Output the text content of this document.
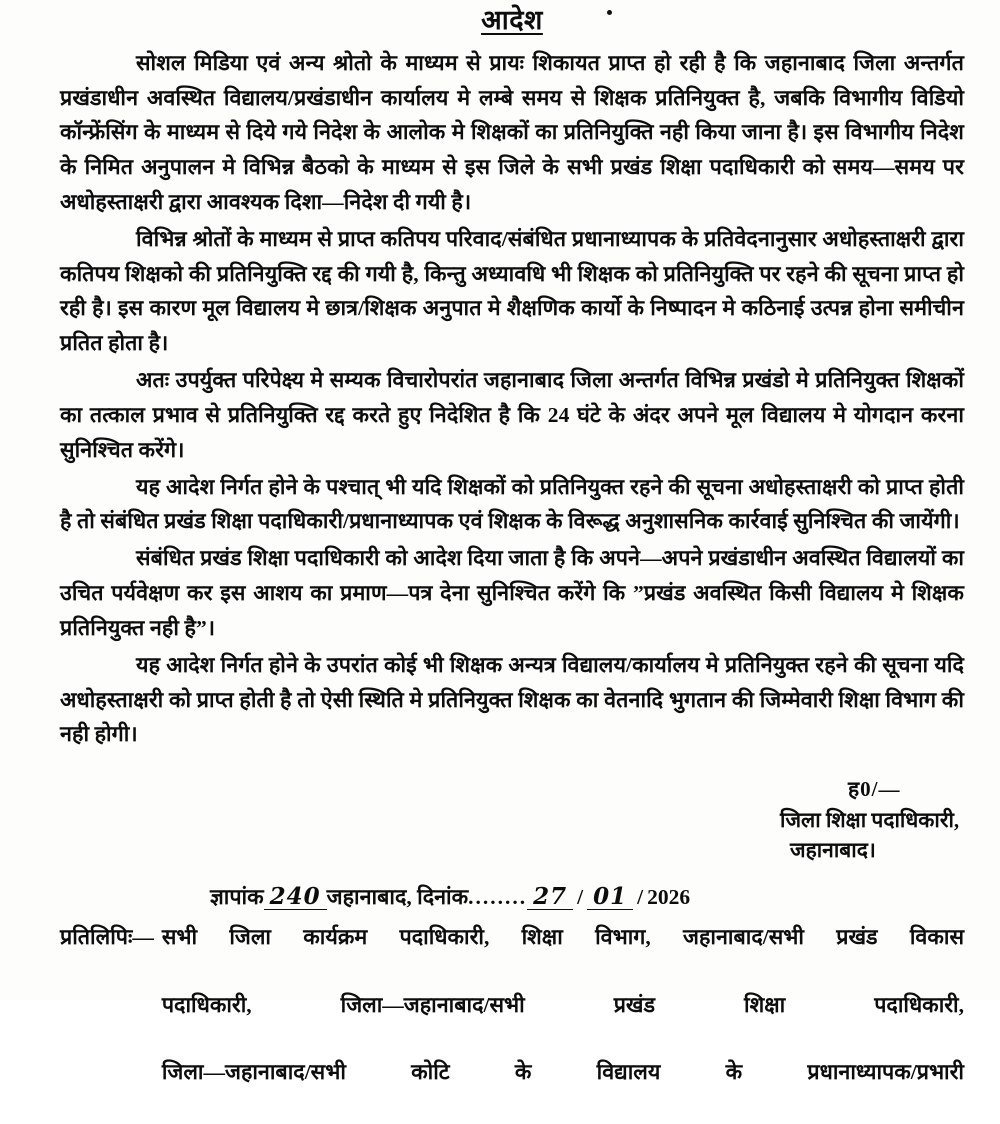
आदेश

सोशल मिडिया एवं अन्य श्रोतो के माध्यम से प्रायः शिकायत प्राप्त हो रही है कि जहानाबाद जिला अन्तर्गत प्रखंडाधीन अवस्थित विद्यालय/प्रखंडाधीन कार्यालय मे लम्बे समय से शिक्षक प्रतिनियुक्त है, जबकि विभागीय विडियो कॉन्फ्रेंसिंग के माध्यम से दिये गये निदेश के आलोक मे शिक्षकों का प्रतिनियुक्ति नही किया जाना है। इस विभागीय निदेश के निमित अनुपालन मे विभिन्न बैठको के माध्यम से इस जिले के सभी प्रखंड शिक्षा पदाधिकारी को समय—समय पर अधोहस्ताक्षरी द्वारा आवश्यक दिशा—निदेश दी गयी है।

विभिन्न श्रोतों के माध्यम से प्राप्त कतिपय परिवाद/संबंधित प्रधानाध्यापक के प्रतिवेदनानुसार अधोहस्ताक्षरी द्वारा कतिपय शिक्षको की प्रतिनियुक्ति रद्द की गयी है, किन्तु अध्यावधि भी शिक्षक को प्रतिनियुक्ति पर रहने की सूचना प्राप्त हो रही है। इस कारण मूल विद्यालय मे छात्र/शिक्षक अनुपात मे शैक्षणिक कार्यो के निष्पादन मे कठिनाई उत्पन्न होना समीचीन प्रतित होता है।

अतः उपर्युक्त परिपेक्ष्य मे सम्यक विचारोपरांत जहानाबाद जिला अन्तर्गत विभिन्न प्रखंडो मे प्रतिनियुक्त शिक्षकों का तत्काल प्रभाव से प्रतिनियुक्ति रद्द करते हुए निदेशित है कि 24 घंटे के अंदर अपने मूल विद्यालय मे योगदान करना सुनिश्चित करेंगे।

यह आदेश निर्गत होने के पश्चात् भी यदि शिक्षकों को प्रतिनियुक्त रहने की सूचना अधोहस्ताक्षरी को प्राप्त होती है तो संबंधित प्रखंड शिक्षा पदाधिकारी/प्रधानाध्यापक एवं शिक्षक के विरूद्ध अनुशासनिक कार्रवाई सुनिश्चित की जायेंगी।

संबंधित प्रखंड शिक्षा पदाधिकारी को आदेश दिया जाता है कि अपने—अपने प्रखंडाधीन अवस्थित विद्यालयों का उचित पर्यवेक्षण कर इस आशय का प्रमाण—पत्र देना सुनिश्चित करेंगे कि ”प्रखंड अवस्थित किसी विद्यालय मे शिक्षक प्रतिनियुक्त नही है”।

यह आदेश निर्गत होने के उपरांत कोई भी शिक्षक अन्यत्र विद्यालय/कार्यालय मे प्रतिनियुक्त रहने की सूचना यदि अधोहस्ताक्षरी को प्राप्त होती है तो ऐसी स्थिति मे प्रतिनियुक्त शिक्षक का वेतनादि भुगतान की जिम्मेवारी शिक्षा विभाग की नही होगी।

ह0/—
जिला शिक्षा पदाधिकारी,
जहानाबाद।
ज्ञापांक 240 जहानाबाद, दिनांक ........ 27 / 01 / 2026
प्रतिलिपिः— सभी जिला कार्यक्रम पदाधिकारी, शिक्षा विभाग, जहानाबाद/सभी प्रखंड विकास
पदाधिकारी, जिला—जहानाबाद/सभी प्रखंड शिक्षा पदाधिकारी,
जिला—जहानाबाद/सभी कोटि के विद्यालय के प्रधानाध्यापक/प्रभारी
